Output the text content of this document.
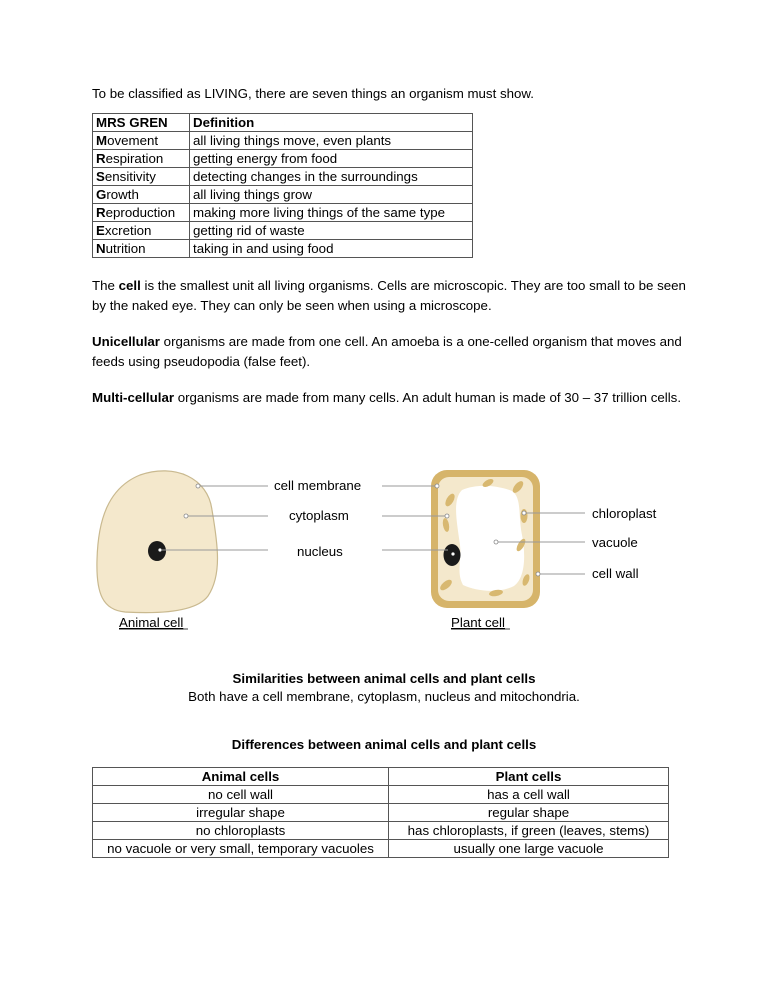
To be classified as LIVING, there are seven things an organism must show.

MRS GREN	Definition
Movement	all living things move, even plants
Respiration	getting energy from food
Sensitivity	detecting changes in the surroundings
Growth	all living things grow
Reproduction	making more living things of the same type
Excretion	getting rid of waste
Nutrition	taking in and using food

The cell is the smallest unit all living organisms. Cells are microscopic. They are too small to be seen by the naked eye. They can only be seen when using a microscope.

Unicellular organisms are made from one cell. An amoeba is a one-celled organism that moves and feeds using pseudopodia (false feet).

Multi-cellular organisms are made from many cells. An adult human is made of 30 – 37 trillion cells.

cell membrane
cytoplasm
nucleus
chloroplast
vacuole
cell wall
Animal cell	Plant cell
Similarities between animal cells and plant cells
Both have a cell membrane, cytoplasm, nucleus and mitochondria.
Differences between animal cells and plant cells
Animal cells	Plant cells
no cell wall	has a cell wall
irregular shape	regular shape
no chloroplasts	has chloroplasts, if green (leaves, stems)
no vacuole or very small, temporary vacuoles	usually one large vacuole
